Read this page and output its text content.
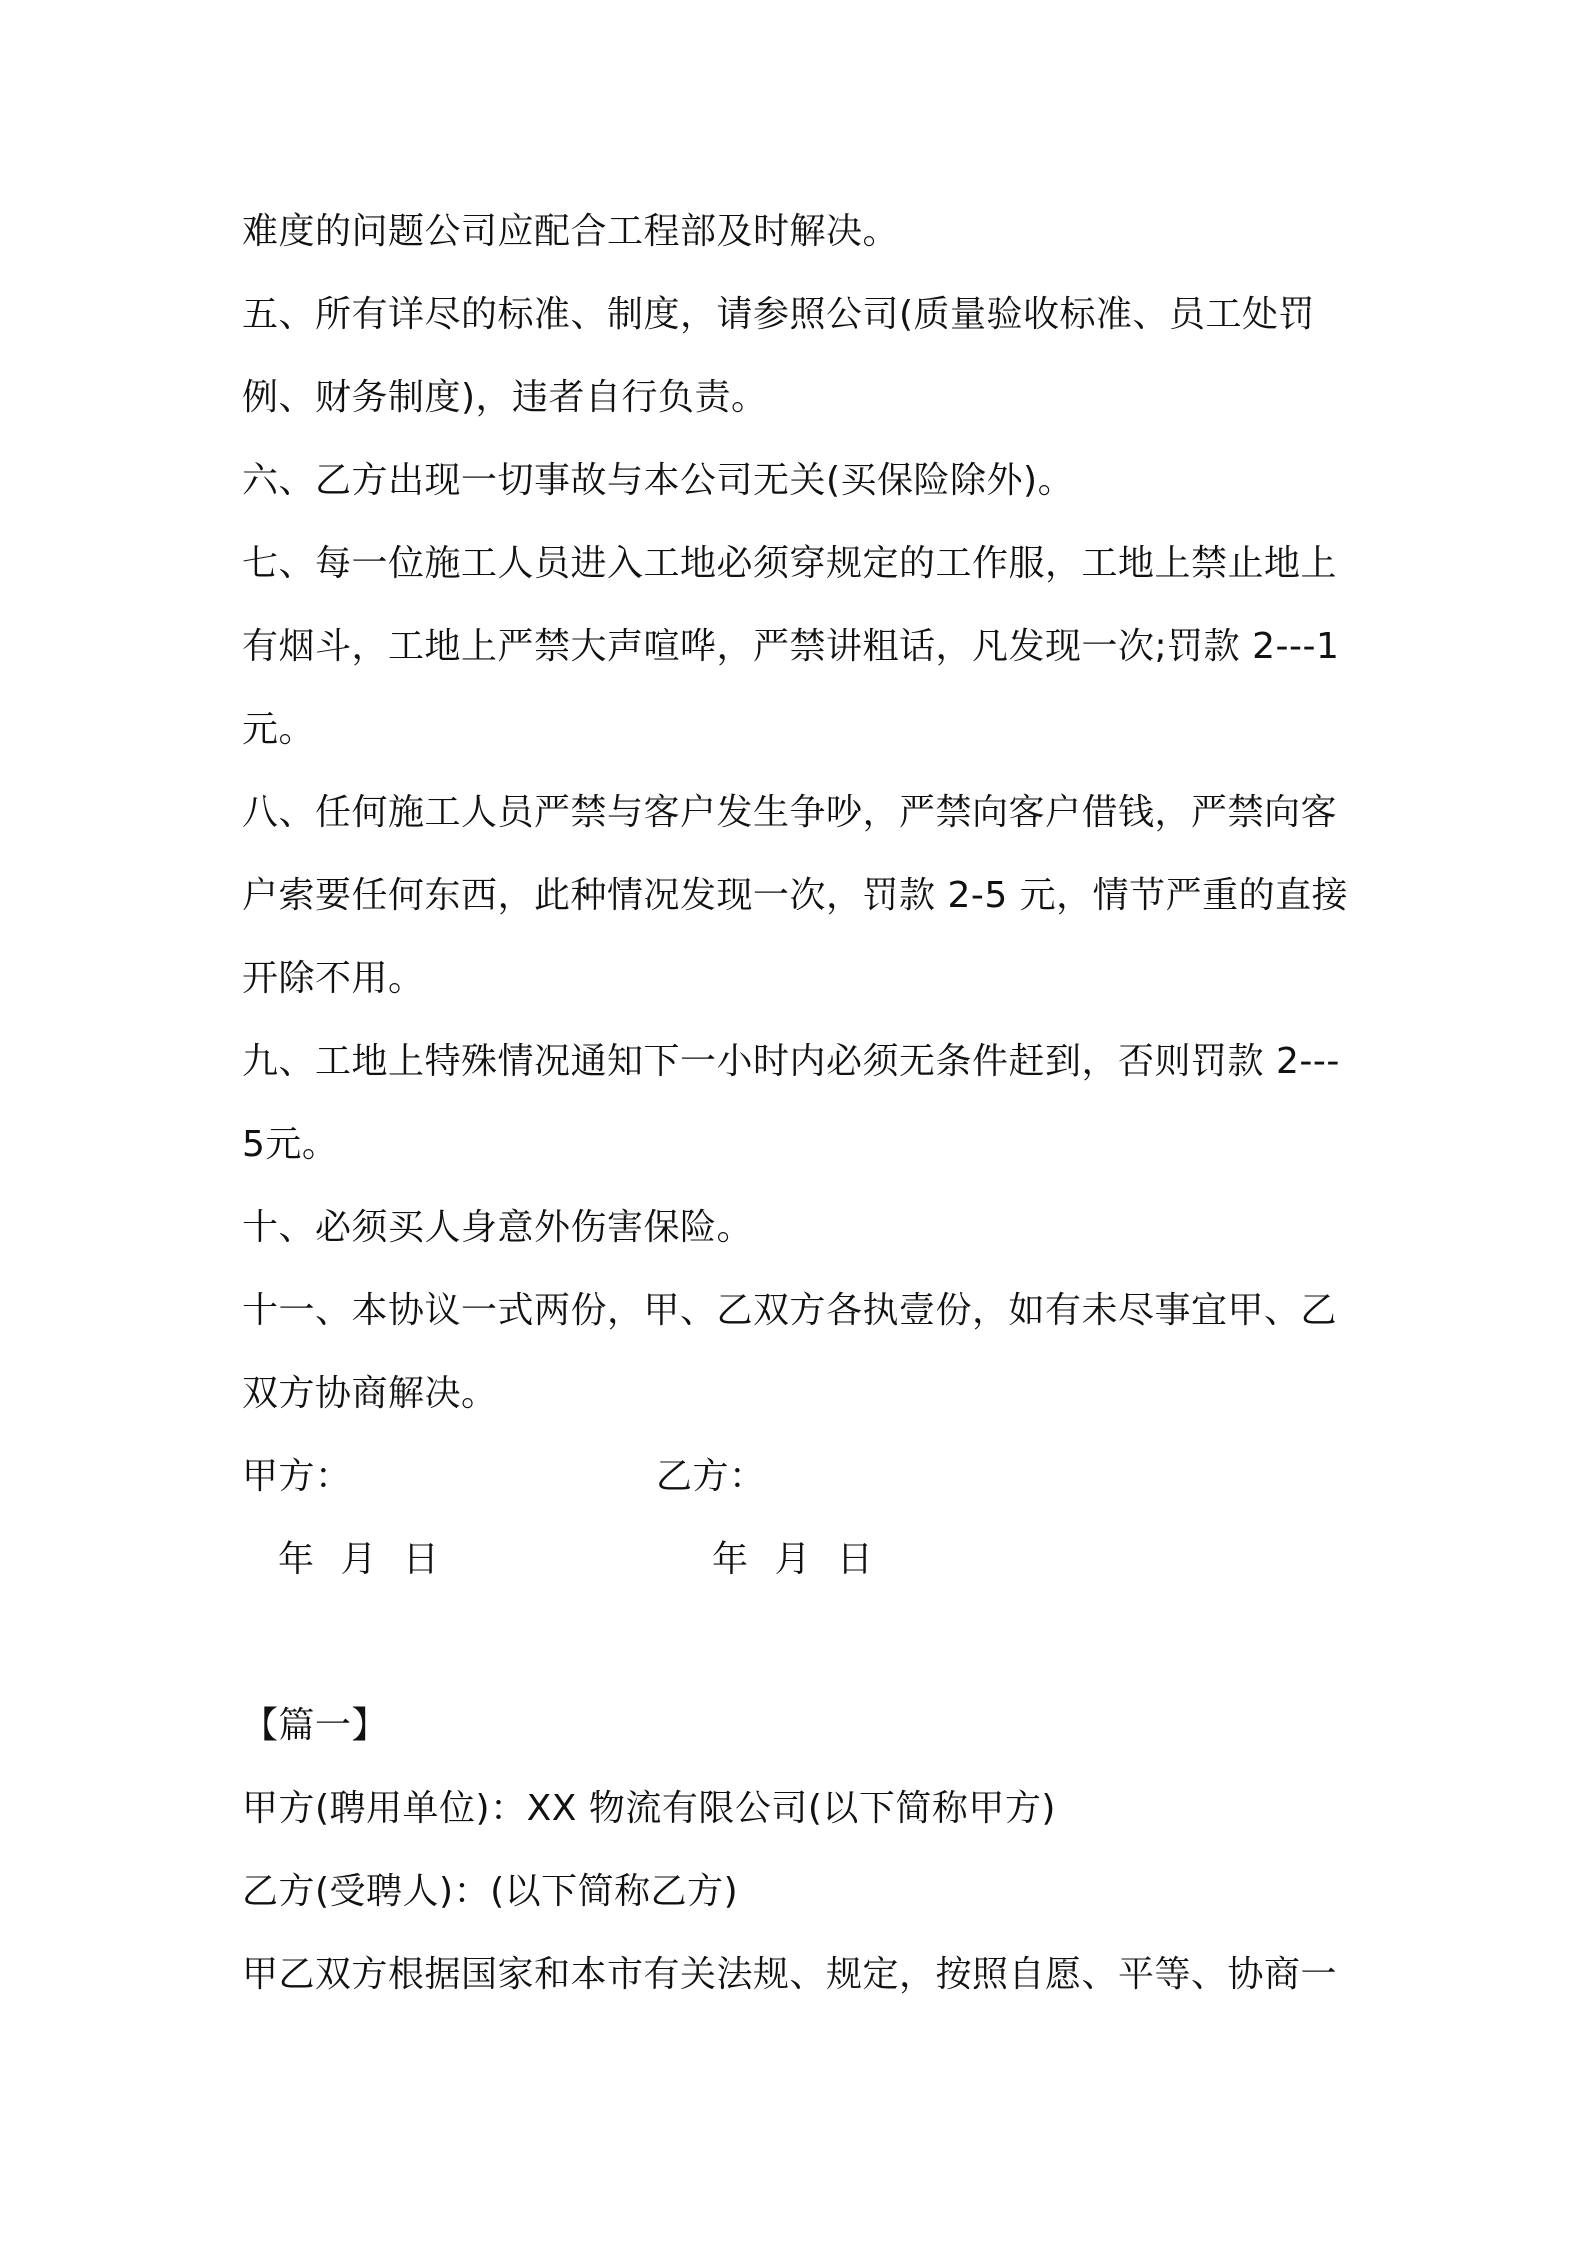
难度的问题公司应配合工程部及时解决。

五、所有详尽的标准、制度，请参照公司(质量验收标准、员工处罚例、财务制度)，违者自行负责。

六、乙方出现一切事故与本公司无关(买保险除外)。

七、每一位施工人员进入工地必须穿规定的工作服，工地上禁止地上有烟斗，工地上严禁大声喧哗，严禁讲粗话，凡发现一次;罚款 2---1元。

八、任何施工人员严禁与客户发生争吵，严禁向客户借钱，严禁向客户索要任何东西，此种情况发现一次，罚款 2-5 元，情节严重的直接开除不用。

九、工地上特殊情况通知下一小时内必须无条件赶到，否则罚款 2---5元。

十、必须买人身意外伤害保险。

十一、本协议一式两份，甲、乙双方各执壹份，如有未尽事宜甲、乙双方协商解决。

甲方：	乙方：
年 月 日	年 月 日

【篇一】

甲方(聘用单位)：XX 物流有限公司(以下简称甲方)

乙方(受聘人)：(以下简称乙方)

甲乙双方根据国家和本市有关法规、规定，按照自愿、平等、协商一
